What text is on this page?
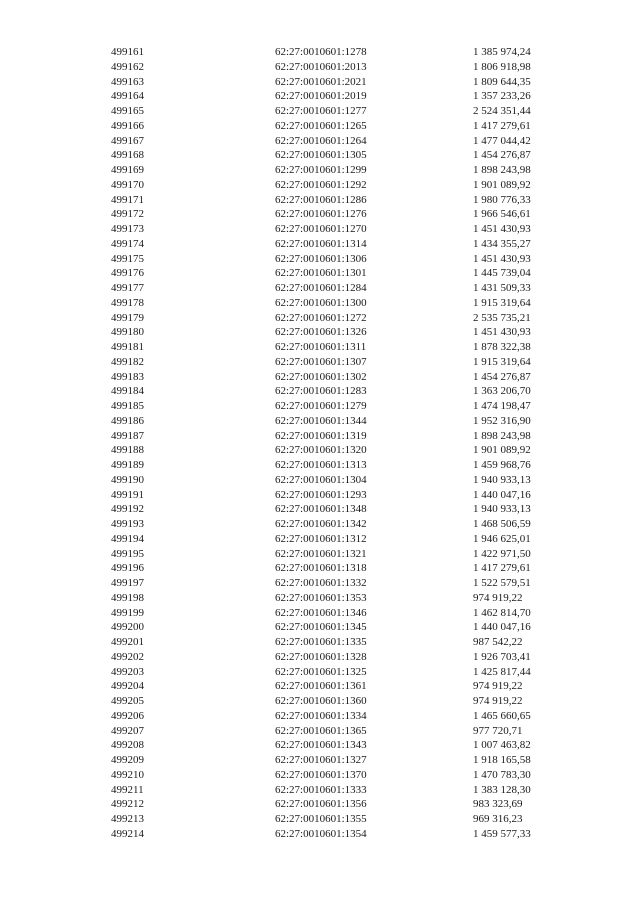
499161	62:27:0010601:1278	1 385 974,24
499162	62:27:0010601:2013	1 806 918,98
499163	62:27:0010601:2021	1 809 644,35
499164	62:27:0010601:2019	1 357 233,26
499165	62:27:0010601:1277	2 524 351,44
499166	62:27:0010601:1265	1 417 279,61
499167	62:27:0010601:1264	1 477 044,42
499168	62:27:0010601:1305	1 454 276,87
499169	62:27:0010601:1299	1 898 243,98
499170	62:27:0010601:1292	1 901 089,92
499171	62:27:0010601:1286	1 980 776,33
499172	62:27:0010601:1276	1 966 546,61
499173	62:27:0010601:1270	1 451 430,93
499174	62:27:0010601:1314	1 434 355,27
499175	62:27:0010601:1306	1 451 430,93
499176	62:27:0010601:1301	1 445 739,04
499177	62:27:0010601:1284	1 431 509,33
499178	62:27:0010601:1300	1 915 319,64
499179	62:27:0010601:1272	2 535 735,21
499180	62:27:0010601:1326	1 451 430,93
499181	62:27:0010601:1311	1 878 322,38
499182	62:27:0010601:1307	1 915 319,64
499183	62:27:0010601:1302	1 454 276,87
499184	62:27:0010601:1283	1 363 206,70
499185	62:27:0010601:1279	1 474 198,47
499186	62:27:0010601:1344	1 952 316,90
499187	62:27:0010601:1319	1 898 243,98
499188	62:27:0010601:1320	1 901 089,92
499189	62:27:0010601:1313	1 459 968,76
499190	62:27:0010601:1304	1 940 933,13
499191	62:27:0010601:1293	1 440 047,16
499192	62:27:0010601:1348	1 940 933,13
499193	62:27:0010601:1342	1 468 506,59
499194	62:27:0010601:1312	1 946 625,01
499195	62:27:0010601:1321	1 422 971,50
499196	62:27:0010601:1318	1 417 279,61
499197	62:27:0010601:1332	1 522 579,51
499198	62:27:0010601:1353	974 919,22
499199	62:27:0010601:1346	1 462 814,70
499200	62:27:0010601:1345	1 440 047,16
499201	62:27:0010601:1335	987 542,22
499202	62:27:0010601:1328	1 926 703,41
499203	62:27:0010601:1325	1 425 817,44
499204	62:27:0010601:1361	974 919,22
499205	62:27:0010601:1360	974 919,22
499206	62:27:0010601:1334	1 465 660,65
499207	62:27:0010601:1365	977 720,71
499208	62:27:0010601:1343	1 007 463,82
499209	62:27:0010601:1327	1 918 165,58
499210	62:27:0010601:1370	1 470 783,30
499211	62:27:0010601:1333	1 383 128,30
499212	62:27:0010601:1356	983 323,69
499213	62:27:0010601:1355	969 316,23
499214	62:27:0010601:1354	1 459 577,33
